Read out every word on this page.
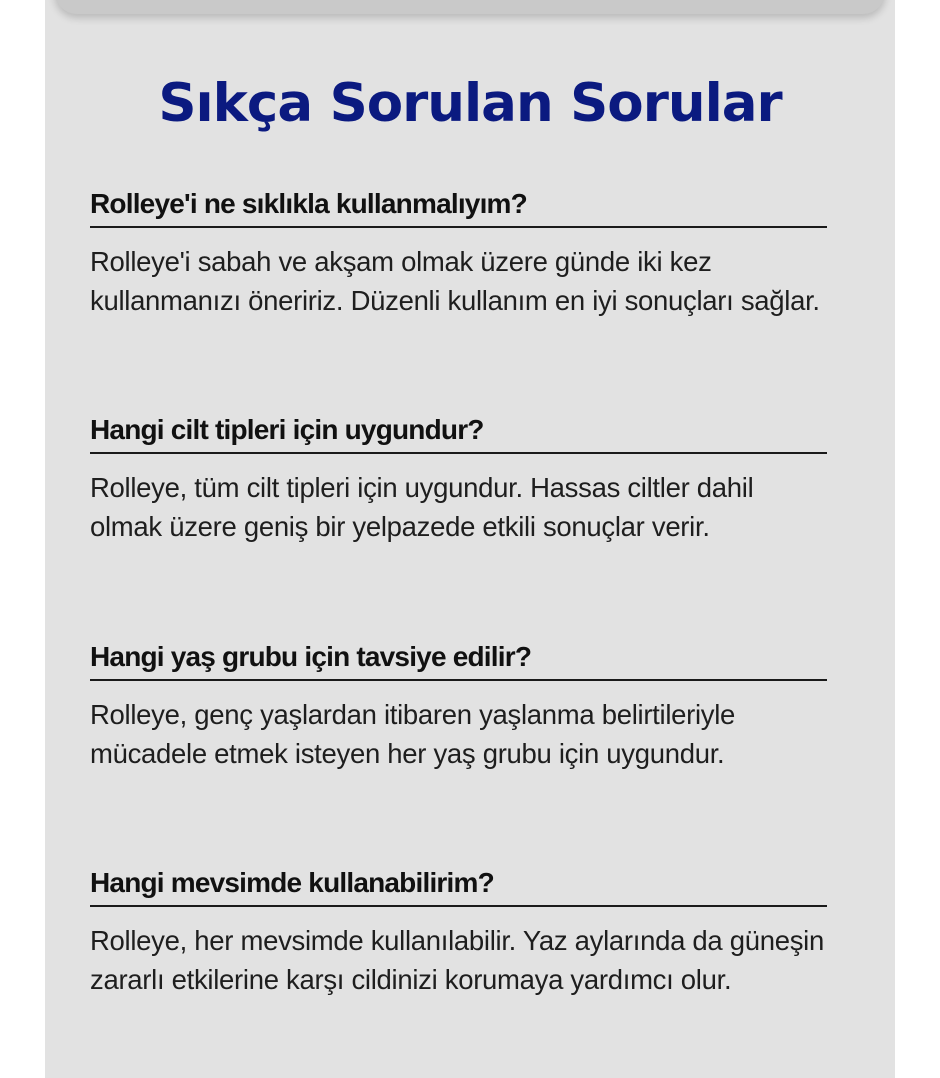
Sıkça Sorulan Sorular
Rolleye'i ne sıklıkla kullanmalıyım?

Rolleye'i sabah ve akşam olmak üzere günde iki kez kullanmanızı öneririz. Düzenli kullanım en iyi sonuçları sağlar.

Hangi cilt tipleri için uygundur?

Rolleye, tüm cilt tipleri için uygundur. Hassas ciltler dahil olmak üzere geniş bir yelpazede etkili sonuçlar verir.

Hangi yaş grubu için tavsiye edilir?

Rolleye, genç yaşlardan itibaren yaşlanma belirtileriyle mücadele etmek isteyen her yaş grubu için uygundur.

Hangi mevsimde kullanabilirim?

Rolleye, her mevsimde kullanılabilir. Yaz aylarında da güneşin zararlı etkilerine karşı cildinizi korumaya yardımcı olur.
